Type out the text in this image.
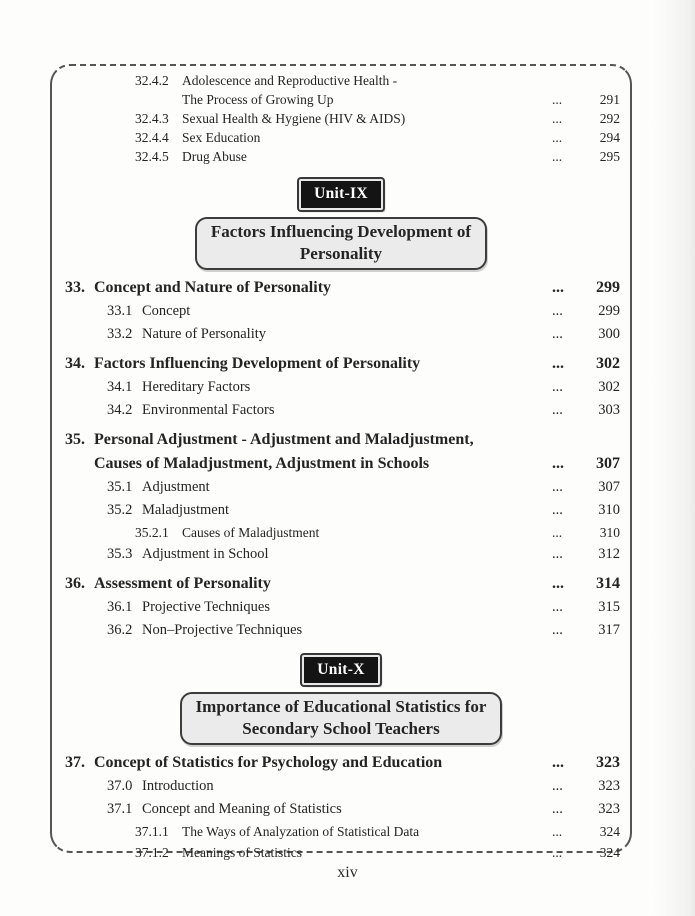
32.4.2 Adolescence and Reproductive Health -
The Process of Growing Up	...	291
32.4.3 Sexual Health & Hygiene (HIV & AIDS)	...	292
32.4.4 Sex Education	...	294
32.4.5 Drug Abuse	...	295
Unit-IX
Factors Influencing Development of
Personality
33. Concept and Nature of Personality	...	299
33.1 Concept	...	299
33.2 Nature of Personality	...	300
34. Factors Influencing Development of Personality	...	302
34.1 Hereditary Factors	...	302
34.2 Environmental Factors	...	303
35. Personal Adjustment - Adjustment and Maladjustment,
Causes of Maladjustment, Adjustment in Schools	...	307
35.1 Adjustment	...	307
35.2 Maladjustment	...	310
35.2.1 Causes of Maladjustment	...	310
35.3 Adjustment in School	...	312
36. Assessment of Personality	...	314
36.1 Projective Techniques	...	315
36.2 Non–Projective Techniques	...	317
Unit-X
Importance of Educational Statistics for
Secondary School Teachers
37. Concept of Statistics for Psychology and Education	...	323
37.0 Introduction	...	323
37.1 Concept and Meaning of Statistics	...	323
37.1.1 The Ways of Analyzation of Statistical Data	...	324
37.1.2 Meanings of Statistics	...	324
xiv
